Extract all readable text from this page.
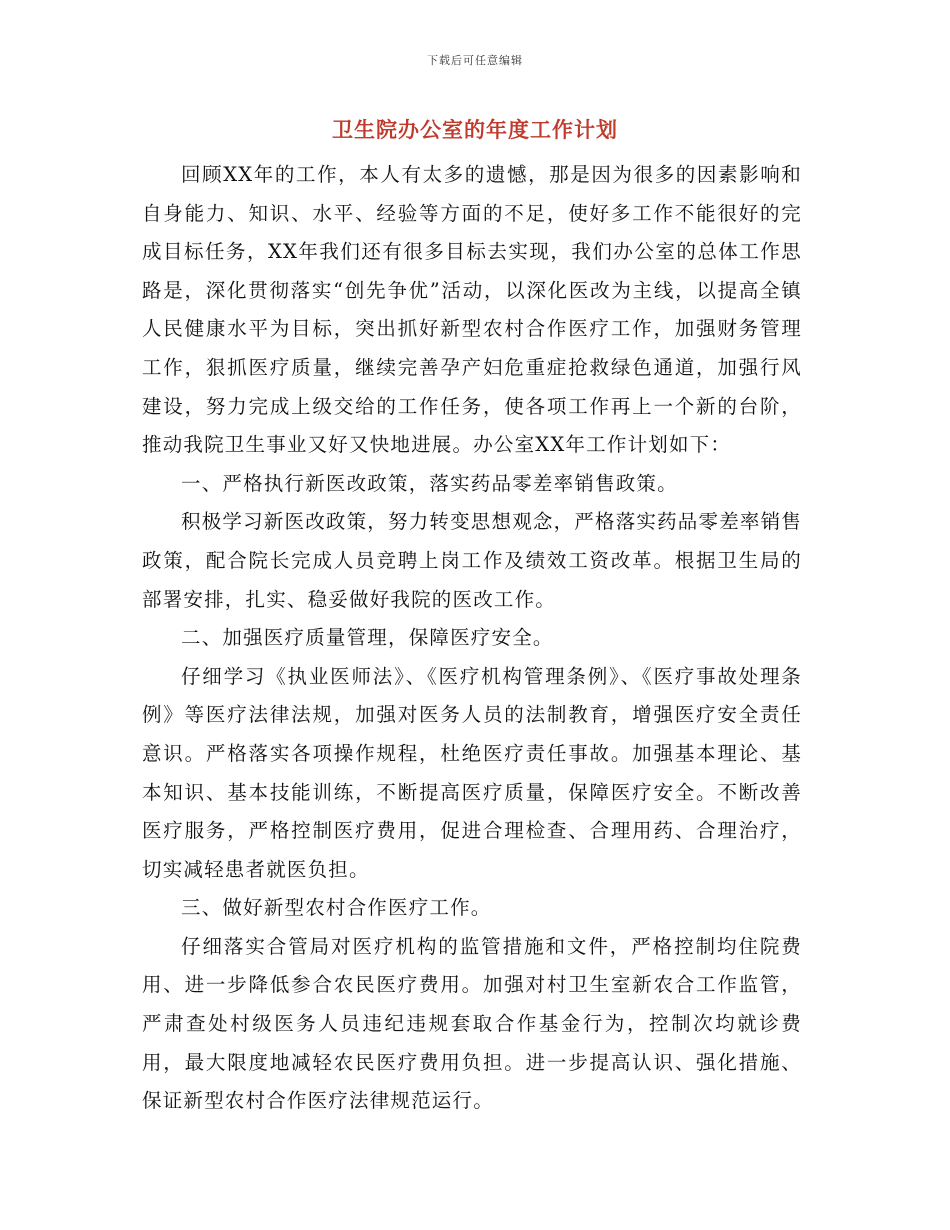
下载后可任意编辑
卫生院办公室的年度工作计划

回顾XX年的工作，本人有太多的遗憾，那是因为很多的因素影响和自身能力、知识、水平、经验等方面的不足，使好多工作不能很好的完成目标任务，XX年我们还有很多目标去实现，我们办公室的总体工作思路是，深化贯彻落实“创先争优”活动，以深化医改为主线，以提高全镇人民健康水平为目标，突出抓好新型农村合作医疗工作，加强财务管理工作，狠抓医疗质量，继续完善孕产妇危重症抢救绿色通道，加强行风建设，努力完成上级交给的工作任务，使各项工作再上一个新的台阶，推动我院卫生事业又好又快地进展。办公室XX年工作计划如下：

一、严格执行新医改政策，落实药品零差率销售政策。

积极学习新医改政策，努力转变思想观念，严格落实药品零差率销售政策，配合院长完成人员竞聘上岗工作及绩效工资改革。根据卫生局的部署安排，扎实、稳妥做好我院的医改工作。

二、加强医疗质量管理，保障医疗安全。

仔细学习《执业医师法》、《医疗机构管理条例》、《医疗事故处理条例》等医疗法律法规，加强对医务人员的法制教育，增强医疗安全责任意识。严格落实各项操作规程，杜绝医疗责任事故。加强基本理论、基本知识、基本技能训练，不断提高医疗质量，保障医疗安全。不断改善医疗服务，严格控制医疗费用，促进合理检查、合理用药、合理治疗，切实减轻患者就医负担。

三、做好新型农村合作医疗工作。

仔细落实合管局对医疗机构的监管措施和文件，严格控制均住院费用、进一步降低参合农民医疗费用。加强对村卫生室新农合工作监管，严肃查处村级医务人员违纪违规套取合作基金行为，控制次均就诊费用，最大限度地减轻农民医疗费用负担。进一步提高认识、强化措施、保证新型农村合作医疗法律规范运行。
